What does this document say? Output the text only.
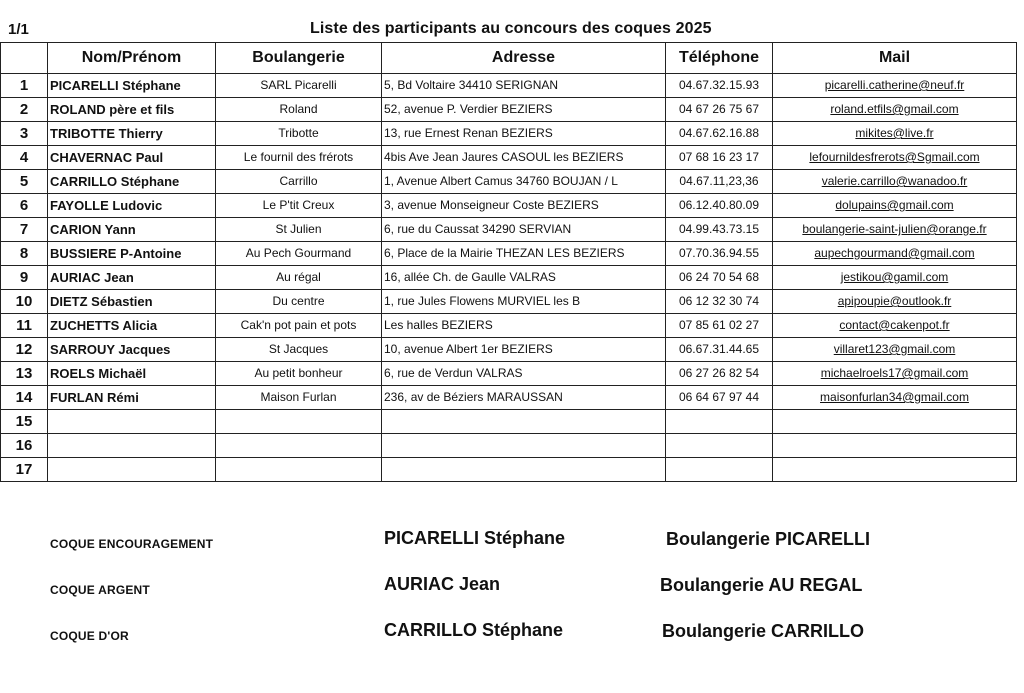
1/1	Liste des participants au concours des coques 2025
	Nom/Prénom	Boulangerie	Adresse	Téléphone	Mail
1	PICARELLI Stéphane	SARL Picarelli	5, Bd Voltaire 34410 SERIGNAN	04.67.32.15.93	picarelli.catherine@neuf.fr
2	ROLAND père et fils	Roland	52, avenue P. Verdier BEZIERS	04 67 26 75 67	roland.etfils@gmail.com
3	TRIBOTTE Thierry	Tribotte	13, rue Ernest Renan BEZIERS	04.67.62.16.88	mikites@live.fr
4	CHAVERNAC Paul	Le fournil des frérots	4bis Ave Jean Jaures CASOUL les BEZIERS	07 68 16 23 17	lefournildesfrerots@Sgmail.com
5	CARRILLO Stéphane	Carrillo	1, Avenue Albert Camus 34760 BOUJAN / L	04.67.11,23,36	valerie.carrillo@wanadoo.fr
6	FAYOLLE Ludovic	Le P'tit Creux	3, avenue Monseigneur Coste BEZIERS	06.12.40.80.09	dolupains@gmail.com
7	CARION Yann	St Julien	6, rue du Caussat 34290 SERVIAN	04.99.43.73.15	boulangerie-saint-julien@orange.fr
8	BUSSIERE P-Antoine	Au Pech Gourmand	6, Place de la Mairie THEZAN LES BEZIERS	07.70.36.94.55	aupechgourmand@gmail.com
9	AURIAC Jean	Au régal	16, allée Ch. de Gaulle VALRAS	06 24 70 54 68	jestikou@gamil.com
10	DIETZ Sébastien	Du centre	1, rue Jules Flowens MURVIEL les B	06 12 32 30 74	apipoupie@outlook.fr
11	ZUCHETTS Alicia	Cak'n pot pain et pots	Les halles BEZIERS	07 85 61 02 27	contact@cakenpot.fr
12	SARROUY Jacques	St Jacques	10, avenue Albert 1er BEZIERS	06.67.31.44.65	villaret123@gmail.com
13	ROELS Michaël	Au petit bonheur	6, rue de Verdun VALRAS	06 27 26 82 54	michaelroels17@gmail.com
14	FURLAN Rémi	Maison Furlan	236, av de Béziers MARAUSSAN	06 64 67 97 44	maisonfurlan34@gmail.com
15					
16					
17					
COQUE ENCOURAGEMENT	PICARELLI Stéphane	Boulangerie PICARELLI
COQUE ARGENT	AURIAC Jean	Boulangerie AU REGAL
COQUE D'OR	CARRILLO Stéphane	Boulangerie CARRILLO
